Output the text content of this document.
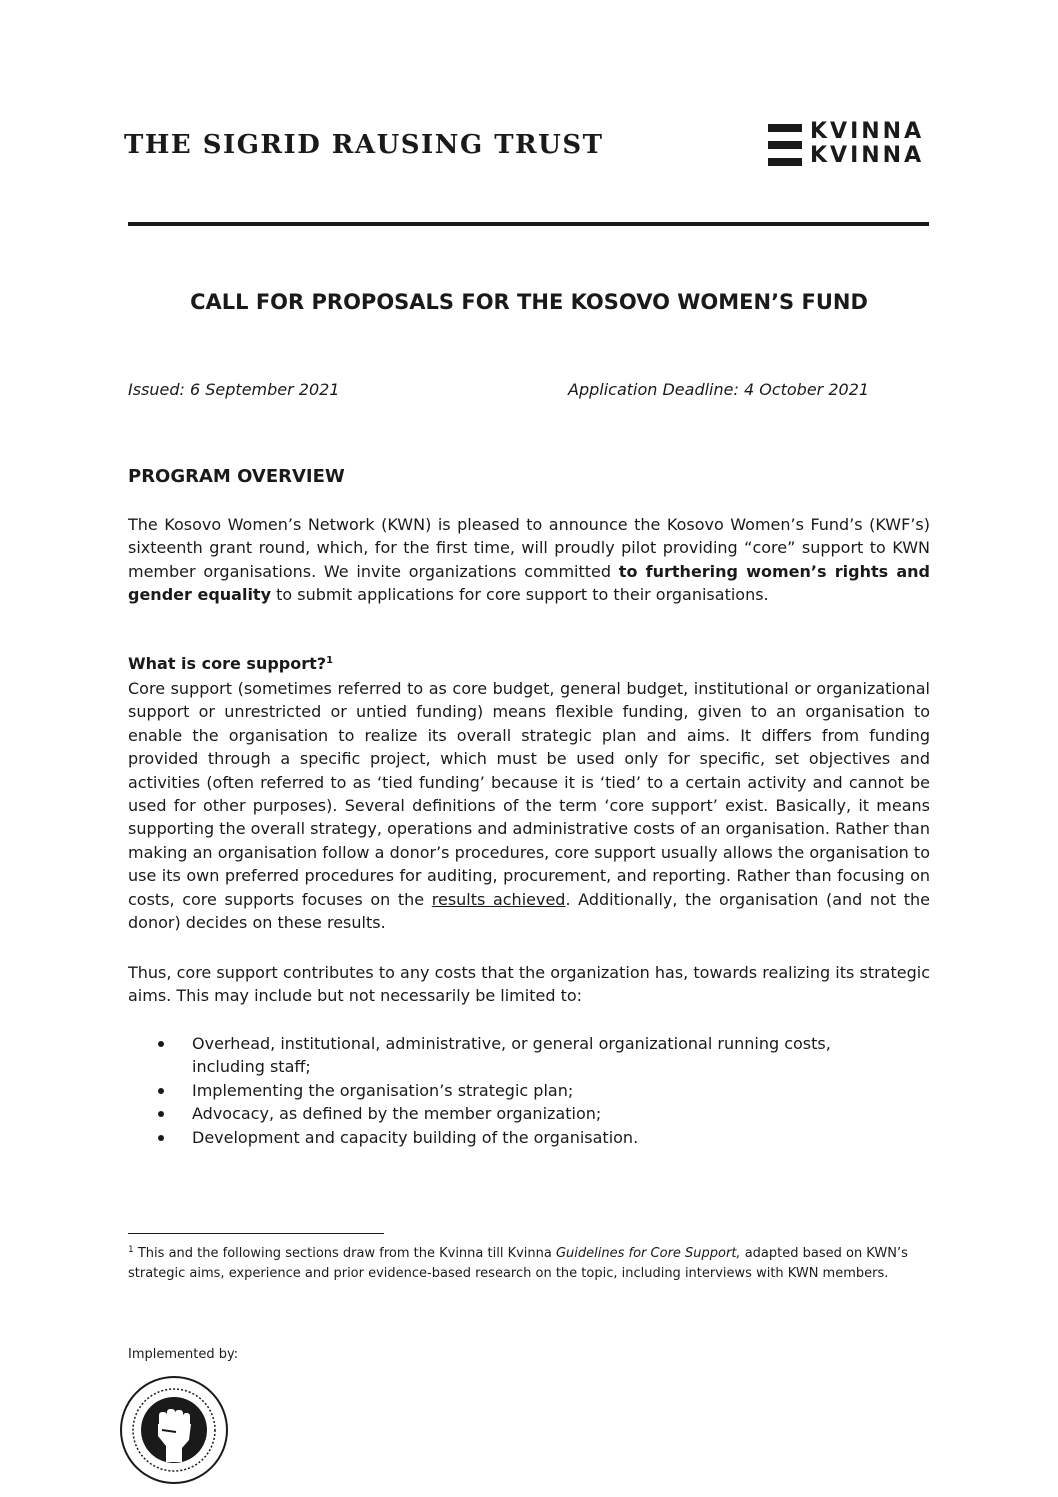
THE SIGRID RAUSING TRUST	KVINNA
KVINNA
CALL FOR PROPOSALS FOR THE KOSOVO WOMEN’S FUND
Issued: 6 September 2021	Application Deadline: 4 October 2021
PROGRAM OVERVIEW
The Kosovo Women’s Network (KWN) is pleased to announce the Kosovo Women’s Fund’s (KWF’s) sixteenth grant round, which, for the first time, will proudly pilot providing “core” support to KWN member organisations. We invite organizations committed to furthering women’s rights and gender equality to submit applications for core support to their organisations.
What is core support?$^1$
Core support (sometimes referred to as core budget, general budget, institutional or organizational support or unrestricted or untied funding) means flexible funding, given to an organisation to enable the organisation to realize its overall strategic plan and aims. It differs from funding provided through a specific project, which must be used only for specific, set objectives and activities (often referred to as ‘tied funding’ because it is ‘tied’ to a certain activity and cannot be used for other purposes). Several definitions of the term ‘core support’ exist. Basically, it means supporting the overall strategy, operations and administrative costs of an organisation. Rather than making an organisation follow a donor’s procedures, core support usually allows the organisation to use its own preferred procedures for auditing, procurement, and reporting. Rather than focusing on costs, core supports focuses on the results achieved. Additionally, the organisation (and not the donor) decides on these results.
Thus, core support contributes to any costs that the organization has, towards realizing its strategic aims. This may include but not necessarily be limited to:
Overhead, institutional, administrative, or general organizational running costs, including staff;
Implementing the organisation’s strategic plan;
Advocacy, as defined by the member organization;
Development and capacity building of the organisation.
$^1$ This and the following sections draw from the Kvinna till Kvinna Guidelines for Core Support, adapted based on KWN’s strategic aims, experience and prior evidence-based research on the topic, including interviews with KWN members.
Implemented by:
